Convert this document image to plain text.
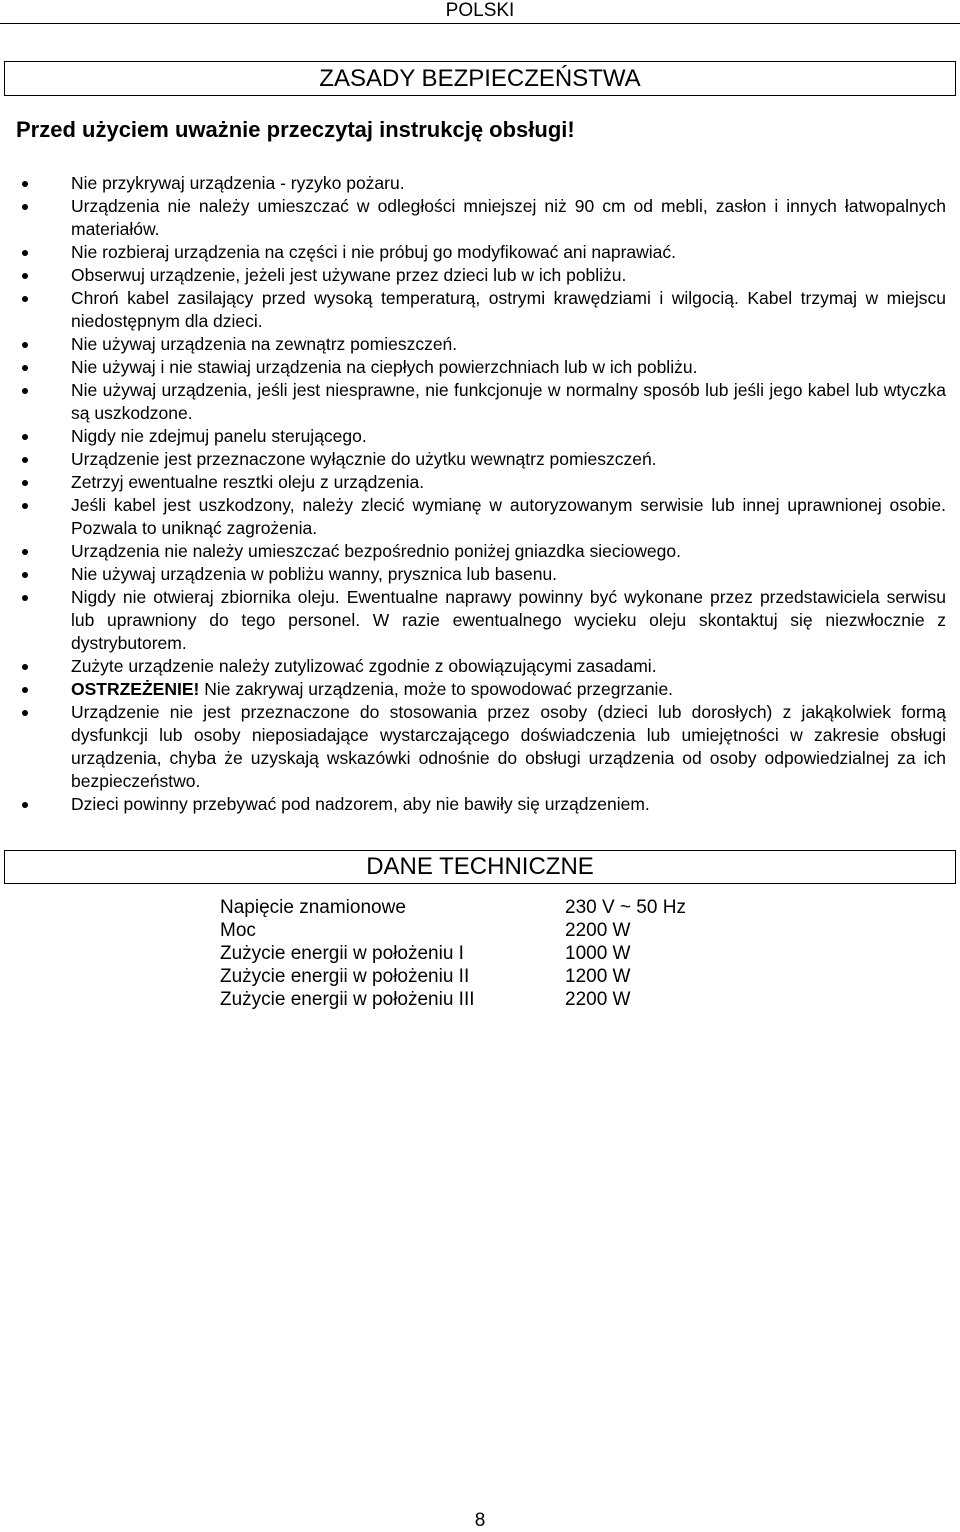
POLSKI
ZASADY BEZPIECZEŃSTWA
Przed użyciem uważnie przeczytaj instrukcję obsługi!
Nie przykrywaj urządzenia - ryzyko pożaru.
Urządzenia nie należy umieszczać w odległości mniejszej niż 90 cm od mebli, zasłon i innych łatwopalnych materiałów.
Nie rozbieraj urządzenia na części i nie próbuj go modyfikować ani naprawiać.
Obserwuj urządzenie, jeżeli jest używane przez dzieci lub w ich pobliżu.
Chroń kabel zasilający przed wysoką temperaturą, ostrymi krawędziami i wilgocią. Kabel trzymaj w miejscu niedostępnym dla dzieci.
Nie używaj urządzenia na zewnątrz pomieszczeń.
Nie używaj i nie stawiaj urządzenia na ciepłych powierzchniach lub w ich pobliżu.
Nie używaj urządzenia, jeśli jest niesprawne, nie funkcjonuje w normalny sposób lub jeśli jego kabel lub wtyczka są uszkodzone.
Nigdy nie zdejmuj panelu sterującego.
Urządzenie jest przeznaczone wyłącznie do użytku wewnątrz pomieszczeń.
Zetrzyj ewentualne resztki oleju z urządzenia.
Jeśli kabel jest uszkodzony, należy zlecić wymianę w autoryzowanym serwisie lub innej uprawnionej osobie. Pozwala to uniknąć zagrożenia.
Urządzenia nie należy umieszczać bezpośrednio poniżej gniazdka sieciowego.
Nie używaj urządzenia w pobliżu wanny, prysznica lub basenu.
Nigdy nie otwieraj zbiornika oleju. Ewentualne naprawy powinny być wykonane przez przedstawiciela serwisu lub uprawniony do tego personel. W razie ewentualnego wycieku oleju skontaktuj się niezwłocznie z dystrybutorem.
Zużyte urządzenie należy zutylizować zgodnie z obowiązującymi zasadami.
OSTRZEŻENIE! Nie zakrywaj urządzenia, może to spowodować przegrzanie.
Urządzenie nie jest przeznaczone do stosowania przez osoby (dzieci lub dorosłych) z jakąkolwiek formą dysfunkcji lub osoby nieposiadające wystarczającego doświadczenia lub umiejętności w zakresie obsługi urządzenia, chyba że uzyskają wskazówki odnośnie do obsługi urządzenia od osoby odpowiedzialnej za ich bezpieczeństwo.
Dzieci powinny przebywać pod nadzorem, aby nie bawiły się urządzeniem.
DANE TECHNICZNE
Napięcie znamionowe	230 V ~ 50 Hz
Moc	2200 W
Zużycie energii w położeniu I	1000 W
Zużycie energii w położeniu II	1200 W
Zużycie energii w położeniu III	2200 W
8
